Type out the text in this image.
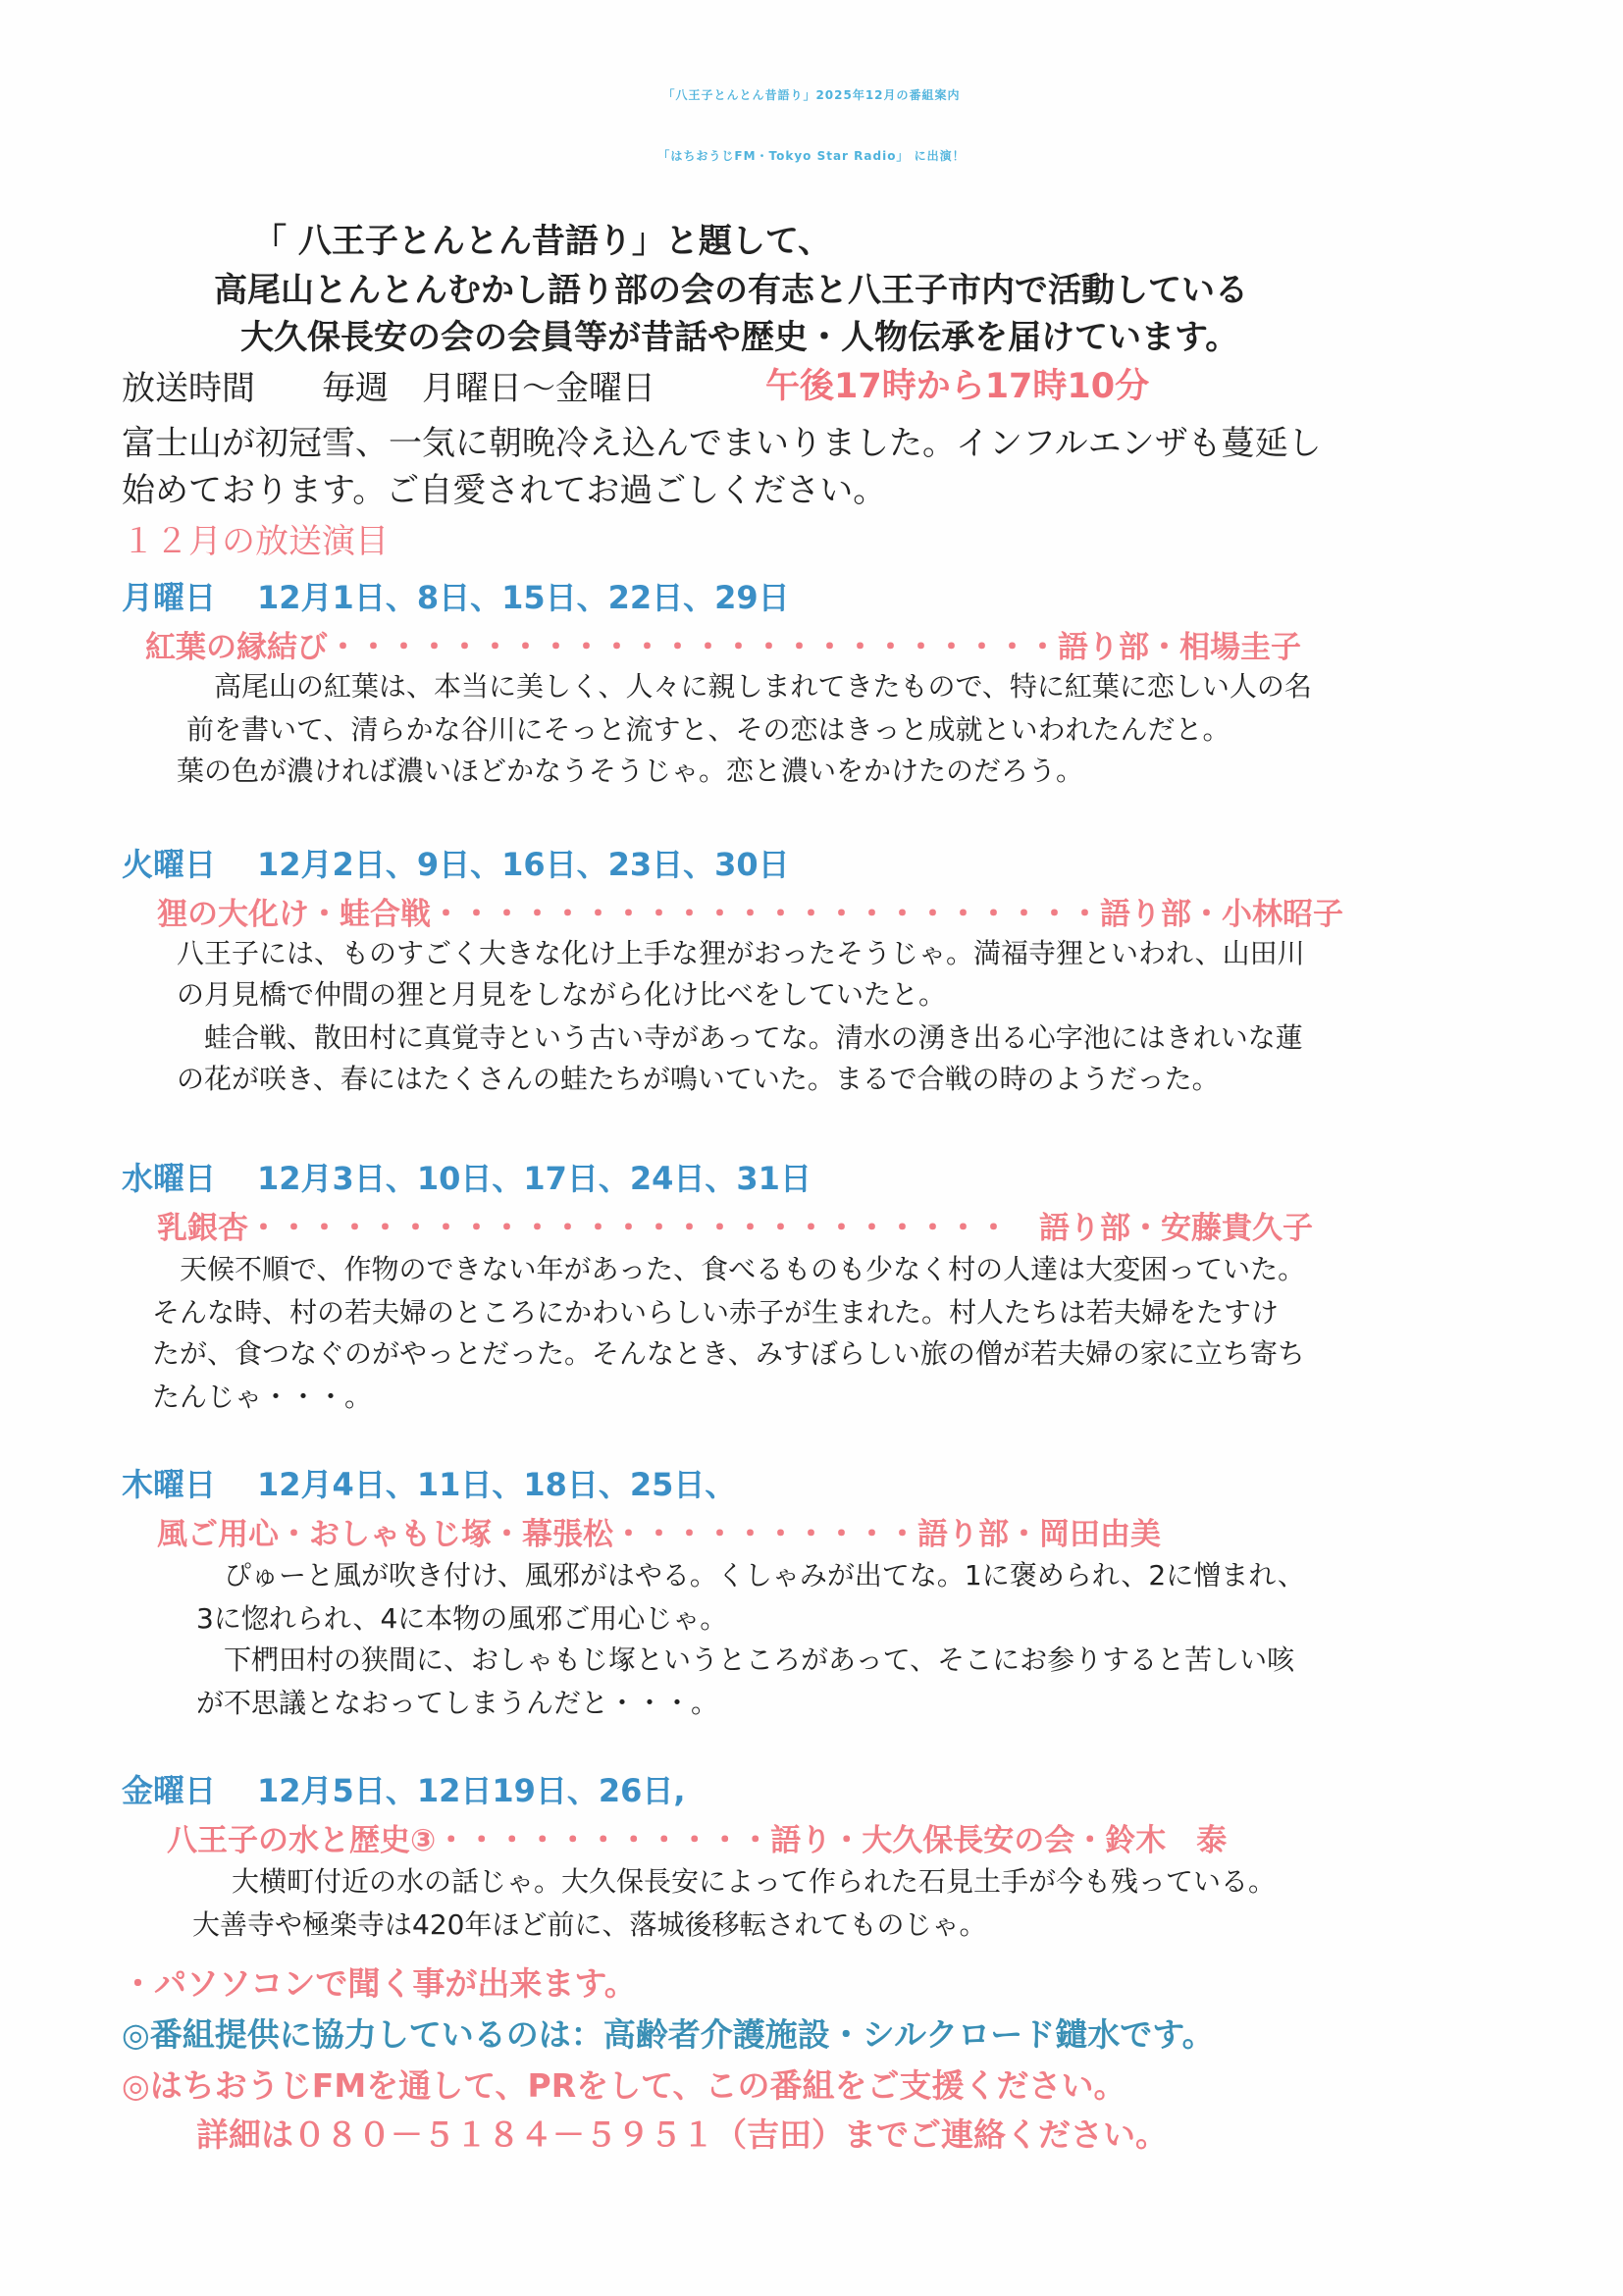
「八王子とんとん昔語り」2025年12月の番組案内
「はちおうじFM・Tokyo Star Radio」 に出演！
「 八王子とんとん昔語り」と題して、
高尾山とんとんむかし語り部の会の有志と八王子市内で活動している
大久保長安の会の会員等が昔話や歴史・人物伝承を届けています。
放送時間　　毎週　月曜日～金曜日	午後17時から17時10分
富士山が初冠雪、一気に朝晩冷え込んでまいりました。インフルエンザも蔓延し
始めております。ご自愛されてお過ごしください。
１２月の放送演目
月曜日 12月1日、8日、15日、22日、29日
紅葉の縁結び・・・・・・・・・・・・・・・・・・・・・・・・語り部・相場圭子
　高尾山の紅葉は、本当に美しく、人々に親しまれてきたもので、特に紅葉に恋しい人の名
前を書いて、清らかな谷川にそっと流すと、その恋はきっと成就といわれたんだと。
葉の色が濃ければ濃いほどかなうそうじゃ。恋と濃いをかけたのだろう。
火曜日 12月2日、9日、16日、23日、30日
狸の大化け・蛙合戦・・・・・・・・・・・・・・・・・・・・・・語り部・小林昭子
八王子には、ものすごく大きな化け上手な狸がおったそうじゃ。満福寺狸といわれ、山田川
の月見橋で仲間の狸と月見をしながら化け比べをしていたと。
　蛙合戦、散田村に真覚寺という古い寺があってな。清水の湧き出る心字池にはきれいな蓮
の花が咲き、春にはたくさんの蛙たちが鳴いていた。まるで合戦の時のようだった。
水曜日 12月3日、10日、17日、24日、31日
乳銀杏・・・・・・・・・・・・・・・・・・・・・・・・・　語り部・安藤貴久子
　天候不順で、作物のできない年があった、食べるものも少なく村の人達は大変困っていた。
そんな時、村の若夫婦のところにかわいらしい赤子が生まれた。村人たちは若夫婦をたすけ
たが、食つなぐのがやっとだった。そんなとき、みすぼらしい旅の僧が若夫婦の家に立ち寄ち
たんじゃ・・・。
木曜日 12月4日、11日、18日、25日、
風ご用心・おしゃもじ塚・幕張松・・・・・・・・・・語り部・岡田由美
　ぴゅーと風が吹き付け、風邪がはやる。くしゃみが出てな。1に褒められ、2に憎まれ、
3に惚れられ、4に本物の風邪ご用心じゃ。
　下椚田村の狭間に、おしゃもじ塚というところがあって、そこにお参りすると苦しい咳
が不思議となおってしまうんだと・・・。
金曜日 12月5日、12日19日、26日,
八王子の水と歴史③・・・・・・・・・・・語り・大久保長安の会・鈴木　泰
大横町付近の水の話じゃ。大久保長安によって作られた石見土手が今も残っている。
大善寺や極楽寺は420年ほど前に、落城後移転されてものじゃ。
・パソソコンで聞く事が出来ます。
◎番組提供に協力しているのは：高齢者介護施設・シルクロード鑓水です。
◎はちおうじFMを通して、PRをして、この番組をご支援ください。
詳細は０８０－５１８４－５９５１（吉田）までご連絡ください。
